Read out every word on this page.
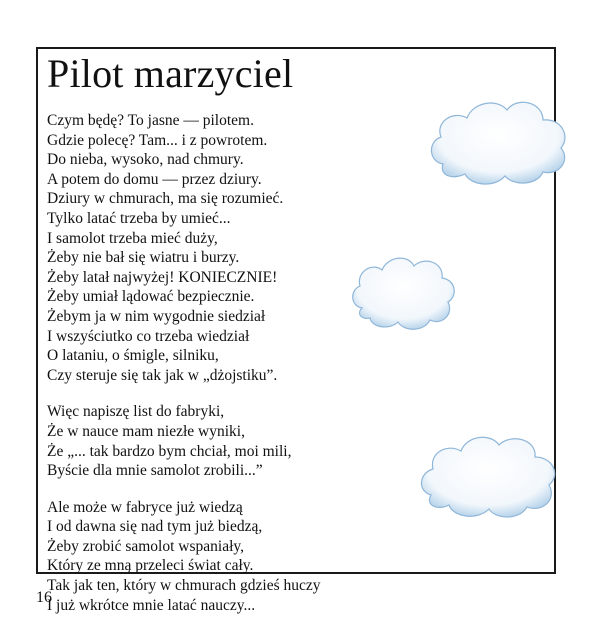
Pilot marzyciel
Czym będę? To jasne — pilotem.
Gdzie polecę? Tam... i z powrotem.
Do nieba, wysoko, nad chmury.
A potem do domu — przez dziury.
Dziury w chmurach, ma się rozumieć.
Tylko latać trzeba by umieć...
I samolot trzeba mieć duży,
Żeby nie bał się wiatru i burzy.
Żeby latał najwyżej! KONIECZNIE!
Żeby umiał lądować bezpiecznie.
Żebym ja w nim wygodnie siedział
I wszyściutko co trzeba wiedział
O lataniu, o śmigle, silniku,
Czy steruje się tak jak w „dżojstiku”.
Więc napiszę list do fabryki,
Że w nauce mam niezłe wyniki,
Że „... tak bardzo bym chciał, moi mili,
Byście dla mnie samolot zrobili...”
Ale może w fabryce już wiedzą
I od dawna się nad tym już biedzą,
Żeby zrobić samolot wspaniały,
Który ze mną przeleci świat cały.
Tak jak ten, który w chmurach gdzieś huczy
I już wkrótce mnie latać nauczy...
16
